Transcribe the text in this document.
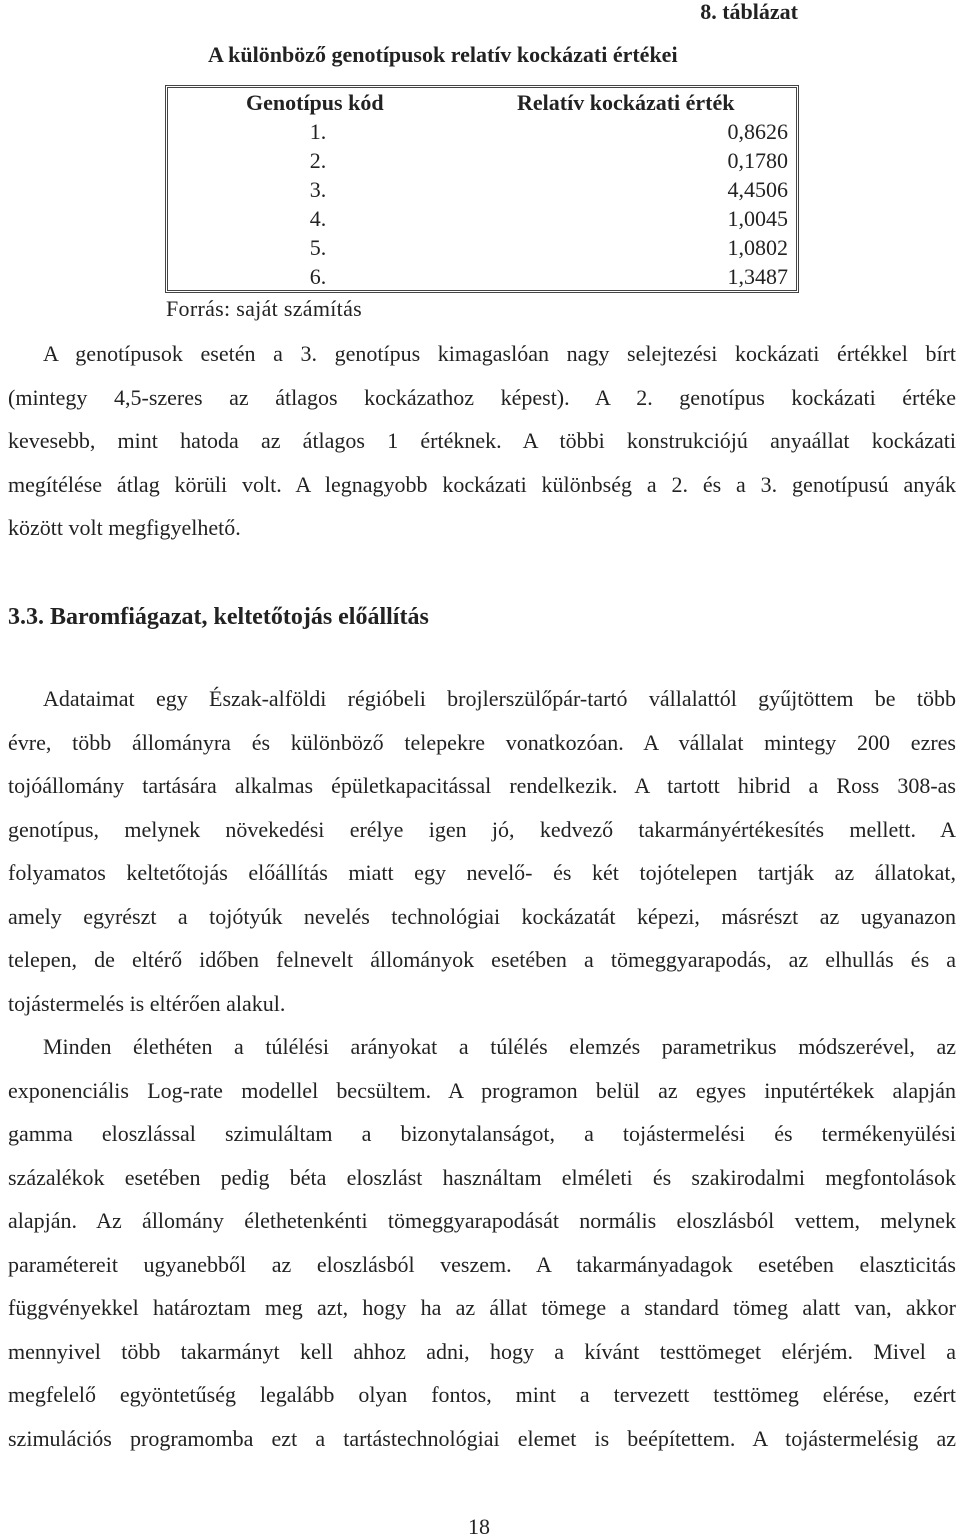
8. táblázat
A különböző genotípusok relatív kockázati értékei
Genotípus kód	Relatív kockázati érték
1.	0,8626
2.	0,1780
3.	4,4506
4.	1,0045
5.	1,0802
6.	1,3487
Forrás: saját számítás
A genotípusok esetén a 3. genotípus kimagaslóan nagy selejtezési kockázati értékkel bírt
(mintegy 4,5-szeres az átlagos kockázathoz képest). A 2. genotípus kockázati értéke
kevesebb, mint hatoda az átlagos 1 értéknek. A többi konstrukciójú anyaállat kockázati
megítélése átlag körüli volt. A legnagyobb kockázati különbség a 2. és a 3. genotípusú anyák
között volt megfigyelhető.
3.3. Baromfiágazat, keltetőtojás előállítás
Adataimat egy Észak-alföldi régióbeli brojlerszülőpár-tartó vállalattól gyűjtöttem be több
évre, több állományra és különböző telepekre vonatkozóan. A vállalat mintegy 200 ezres
tojóállomány tartására alkalmas épületkapacitással rendelkezik. A tartott hibrid a Ross 308-as
genotípus, melynek növekedési erélye igen jó, kedvező takarmányértékesítés mellett. A
folyamatos keltetőtojás előállítás miatt egy nevelő- és két tojótelepen tartják az állatokat,
amely egyrészt a tojótyúk nevelés technológiai kockázatát képezi, másrészt az ugyanazon
telepen, de eltérő időben felnevelt állományok esetében a tömeggyarapodás, az elhullás és a
tojástermelés is eltérően alakul.
Minden élethéten a túlélési arányokat a túlélés elemzés parametrikus módszerével, az
exponenciális Log-rate modellel becsültem. A programon belül az egyes inputértékek alapján
gamma eloszlással szimuláltam a bizonytalanságot, a tojástermelési és termékenyülési
százalékok esetében pedig béta eloszlást használtam elméleti és szakirodalmi megfontolások
alapján. Az állomány élethetenkénti tömeggyarapodását normális eloszlásból vettem, melynek
paramétereit ugyanebből az eloszlásból veszem. A takarmányadagok esetében elaszticitás
függvényekkel határoztam meg azt, hogy ha az állat tömege a standard tömeg alatt van, akkor
mennyivel több takarmányt kell ahhoz adni, hogy a kívánt testtömeget elérjém. Mivel a
megfelelő egyöntetűség legalább olyan fontos, mint a tervezett testtömeg elérése, ezért
szimulációs programomba ezt a tartástechnológiai elemet is beépítettem. A tojástermelésig az
18
